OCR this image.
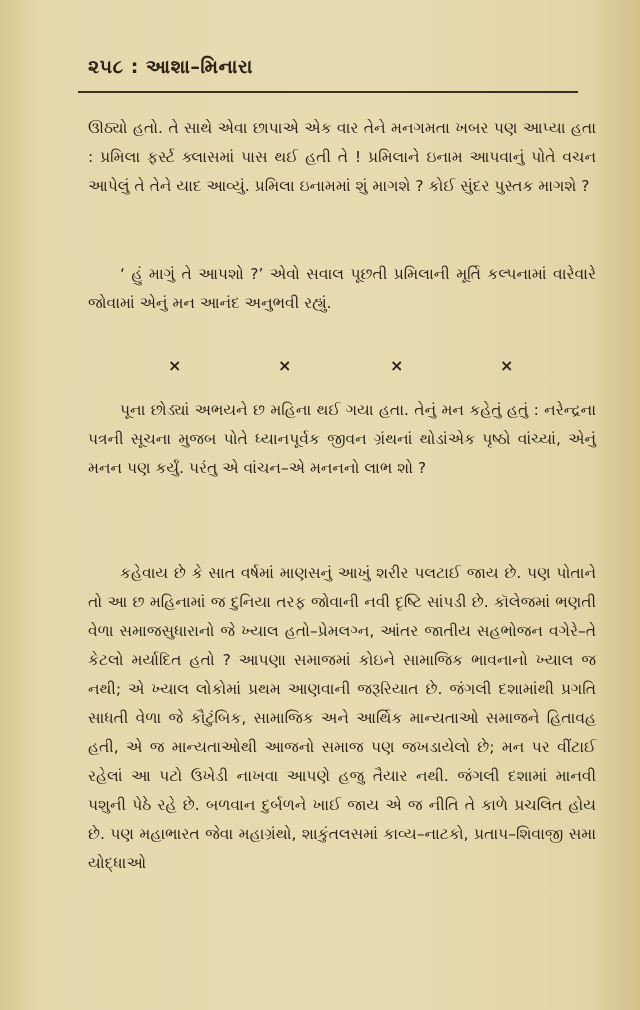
૨૫૮ : આશા–મિનારા

ઊઠ્યો હતો. તે સાથે એવા છાપાએ એક વાર તેને મનગમતા ખબર પણ આપ્યા હતા : પ્રમિલા ફર્સ્ટ ક્લાસમાં પાસ થઈ હતી તે ! પ્રમિલાને ઇનામ આપવાનું પોતે વચન આપેલું તે તેને યાદ આવ્યું. પ્રમિલા ઇનામમાં શું માગશે ? કોઈ સુંદર પુસ્તક માગશે ?

‘ હું માગું તે આપશો ?’ એવો સવાલ પૂછતી પ્રમિલાની મૂર્તિ કલ્પનામાં વારેવારે જોવામાં એનું મન આનંદ અનુભવી રહ્યું.

×	×	×	×

પૂના છોડ્યાં અભયને છ મહિના થઈ ગયા હતા. તેનું મન કહેતું હતું : નરેન્દ્રના પત્રની સૂચના મુજબ પોતે ધ્યાનપૂર્વક જીવન ગ્રંથનાં થોડાંએક પૃષ્ઠો વાંચ્યાં, એનું મનન પણ કર્યું. પરંતુ એ વાંચન–એ મનનનો લાભ શો ?

કહેવાય છે કે સાત વર્ષમાં માણસનું આખું શરીર પલટાઈ જાય છે. પણ પોતાને તો આ છ મહિનામાં જ દુનિયા તરફ જોવાની નવી દૃષ્ટિ સાંપડી છે. કૉલેજમાં ભણતી વેળા સમાજસુધારાનો જે ખ્યાલ હતો–પ્રેમલગ્ન, આંતર જાતીય સહભોજન વગેરે–તે કેટલો મર્યાદિત હતો ? આપણા સમાજમાં કોઇને સામાજિક ભાવનાનો ખ્યાલ જ નથી; એ ખ્યાલ લોકોમાં પ્રથમ આણવાની જરૂરિયાત છે. જંગલી દશામાંથી પ્રગતિ સાધતી વેળા જે કૌટુંબિક, સામાજિક અને આર્થિક માન્યતાઓ સમાજને હિતાવહ હતી, એ જ માન્યતાઓથી આજનો સમાજ પણ જખડાયેલો છે; મન પર વીંટાઈ રહેલાં આ પટો ઉખેડી નાખવા આપણે હજુ તૈયાર નથી. જંગલી દશામાં માનવી પશુની પેઠે રહે છે. બળવાન દુર્બળને ખાઈ જાય એ જ નીતિ તે કાળે પ્રચલિત હોય છે. પણ મહાભારત જેવા મહાગ્રંથો, શાકુંતલસમાં કાવ્ય–નાટકો, પ્રતાપ–શિવાજી સમા યોદ્ધાઓ
